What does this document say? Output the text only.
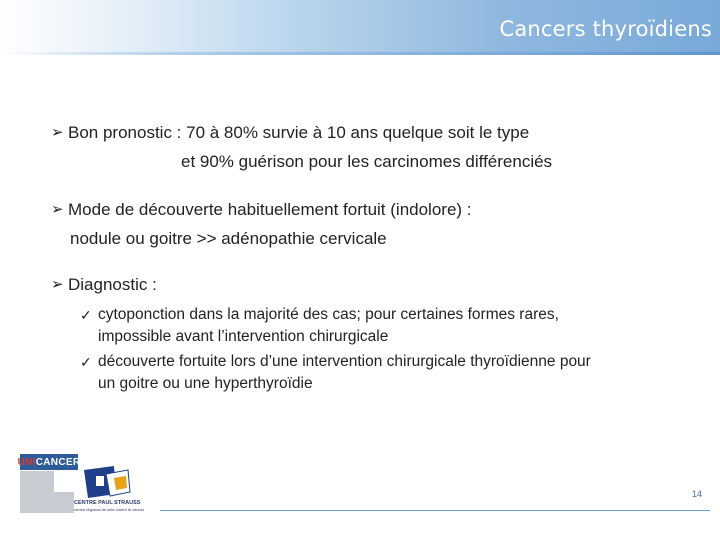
Cancers thyroïdiens
➢ Bon pronostic : 70 à 80% survie à 10 ans quelque soit le type
et 90% guérison pour les carcinomes différenciés
➢ Mode de découverte habituellement fortuit (indolore) :
nodule ou goitre >> adénopathie cervicale
➢ Diagnostic :
✓ cytoponction dans la majorité des cas; pour certaines formes rares,
impossible avant l’intervention chirurgicale
✓ découverte fortuite lors d’une intervention chirurgicale thyroïdienne pour
un goitre ou une hyperthyroïdie
UNICANCER
CENTRE PAUL STRAUSS
centre régional de lutte contre le cancer
14
